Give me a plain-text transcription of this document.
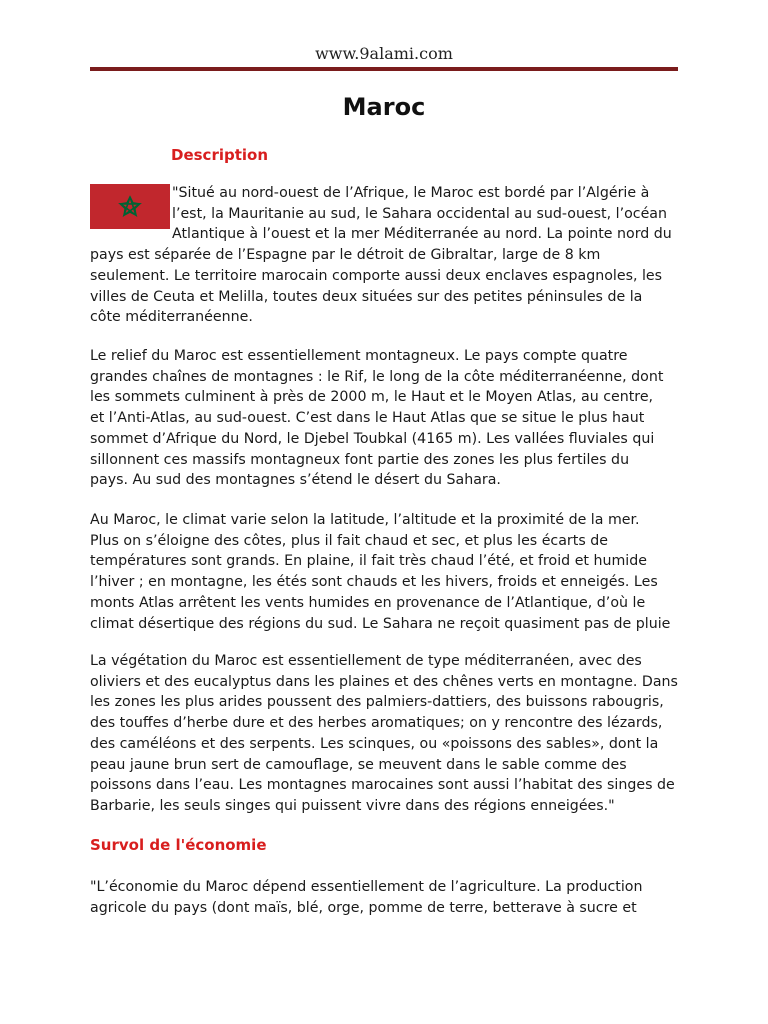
www.9alami.com
Maroc
Description
"Situé au nord-ouest de l’Afrique, le Maroc est bordé par l’Algérie à
l’est, la Mauritanie au sud, le Sahara occidental au sud-ouest, l’océan
Atlantique à l’ouest et la mer Méditerranée au nord. La pointe nord du
pays est séparée de l’Espagne par le détroit de Gibraltar, large de 8 km
seulement. Le territoire marocain comporte aussi deux enclaves espagnoles, les
villes de Ceuta et Melilla, toutes deux situées sur des petites péninsules de la
côte méditerranéenne.
Le relief du Maroc est essentiellement montagneux. Le pays compte quatre
grandes chaînes de montagnes : le Rif, le long de la côte méditerranéenne, dont
les sommets culminent à près de 2000 m, le Haut et le Moyen Atlas, au centre,
et l’Anti-Atlas, au sud-ouest. C’est dans le Haut Atlas que se situe le plus haut
sommet d’Afrique du Nord, le Djebel Toubkal (4165 m). Les vallées fluviales qui
sillonnent ces massifs montagneux font partie des zones les plus fertiles du
pays. Au sud des montagnes s’étend le désert du Sahara.
Au Maroc, le climat varie selon la latitude, l’altitude et la proximité de la mer.
Plus on s’éloigne des côtes, plus il fait chaud et sec, et plus les écarts de
températures sont grands. En plaine, il fait très chaud l’été, et froid et humide
l’hiver ; en montagne, les étés sont chauds et les hivers, froids et enneigés. Les
monts Atlas arrêtent les vents humides en provenance de l’Atlantique, d’où le
climat désertique des régions du sud. Le Sahara ne reçoit quasiment pas de pluie
La végétation du Maroc est essentiellement de type méditerranéen, avec des
oliviers et des eucalyptus dans les plaines et des chênes verts en montagne. Dans
les zones les plus arides poussent des palmiers-dattiers, des buissons rabougris,
des touffes d’herbe dure et des herbes aromatiques; on y rencontre des lézards,
des caméléons et des serpents. Les scinques, ou «poissons des sables», dont la
peau jaune brun sert de camouflage, se meuvent dans le sable comme des
poissons dans l’eau. Les montagnes marocaines sont aussi l’habitat des singes de
Barbarie, les seuls singes qui puissent vivre dans des régions enneigées."
Survol de l'économie
"L’économie du Maroc dépend essentiellement de l’agriculture. La production
agricole du pays (dont maïs, blé, orge, pomme de terre, betterave à sucre et
